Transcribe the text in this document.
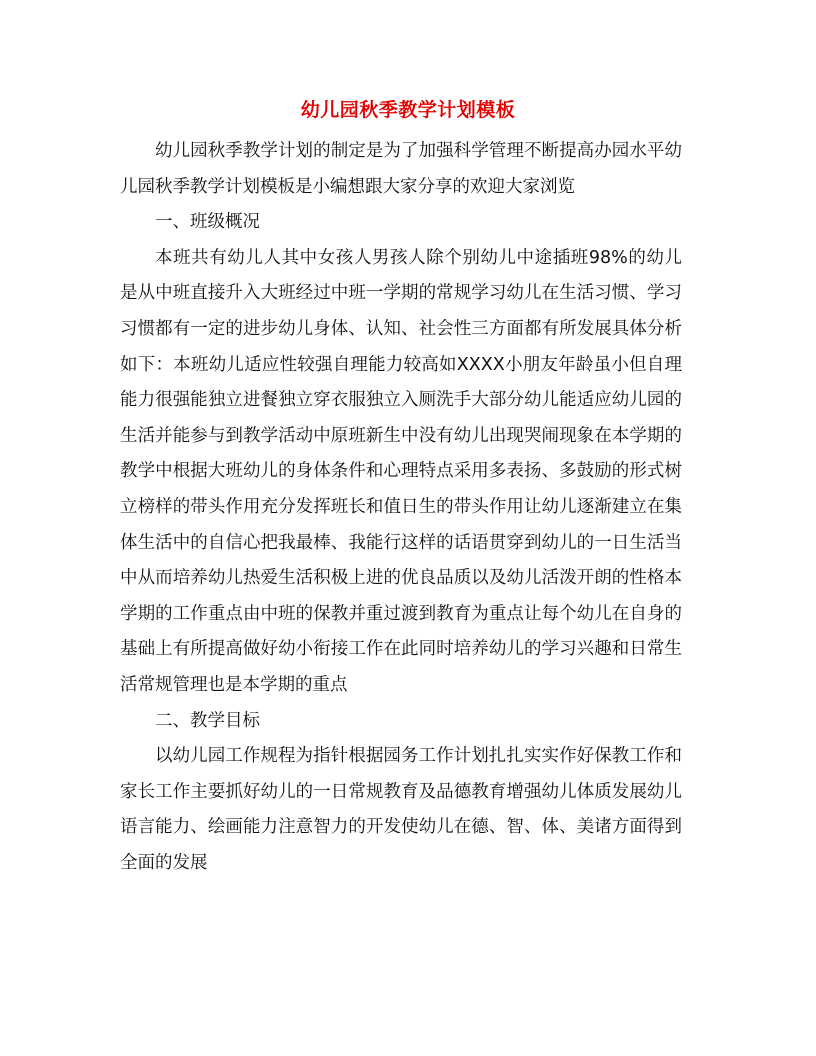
幼儿园秋季教学计划模板

幼儿园秋季教学计划的制定是为了加强科学管理不断提高办园水平幼儿园秋季教学计划模板是小编想跟大家分享的欢迎大家浏览

一、班级概况

本班共有幼儿人其中女孩人男孩人除个别幼儿中途插班98%的幼儿是从中班直接升入大班经过中班一学期的常规学习幼儿在生活习惯、学习习惯都有一定的进步幼儿身体、认知、社会性三方面都有所发展具体分析如下：本班幼儿适应性较强自理能力较高如XXXX小朋友年龄虽小但自理能力很强能独立进餐独立穿衣服独立入厕洗手大部分幼儿能适应幼儿园的生活并能参与到教学活动中原班新生中没有幼儿出现哭闹现象在本学期的教学中根据大班幼儿的身体条件和心理特点采用多表扬、多鼓励的形式树立榜样的带头作用充分发挥班长和值日生的带头作用让幼儿逐渐建立在集体生活中的自信心把我最棒、我能行这样的话语贯穿到幼儿的一日生活当中从而培养幼儿热爱生活积极上进的优良品质以及幼儿活泼开朗的性格本学期的工作重点由中班的保教并重过渡到教育为重点让每个幼儿在自身的基础上有所提高做好幼小衔接工作在此同时培养幼儿的学习兴趣和日常生活常规管理也是本学期的重点

二、教学目标

以幼儿园工作规程为指针根据园务工作计划扎扎实实作好保教工作和家长工作主要抓好幼儿的一日常规教育及品德教育增强幼儿体质发展幼儿语言能力、绘画能力注意智力的开发使幼儿在德、智、体、美诸方面得到全面的发展
